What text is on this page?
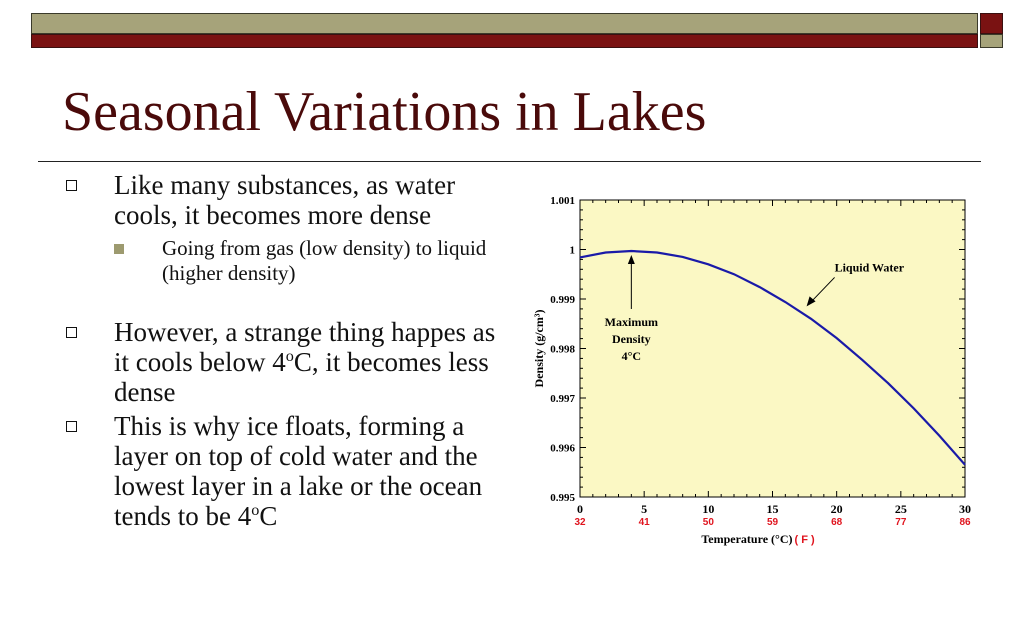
Seasonal Variations in Lakes
Like many substances, as water cools, it becomes more dense
Going from gas (low density) to liquid (higher density)
However, a strange thing happes as it cools below 4$^o$C, it becomes less dense
This is why ice floats, forming a layer on top of cold water and the lowest layer in a lake or the ocean tends to be 4$^o$C
0.995
0.996
0.997
0.998
0.999
1
1.001
0
32
5
41
10
50
15
59
20
68
25
77
30
86
Temperature (°C) ( F )
Density (g/cm³)	Maximum
Density
4°C
Liquid Water
